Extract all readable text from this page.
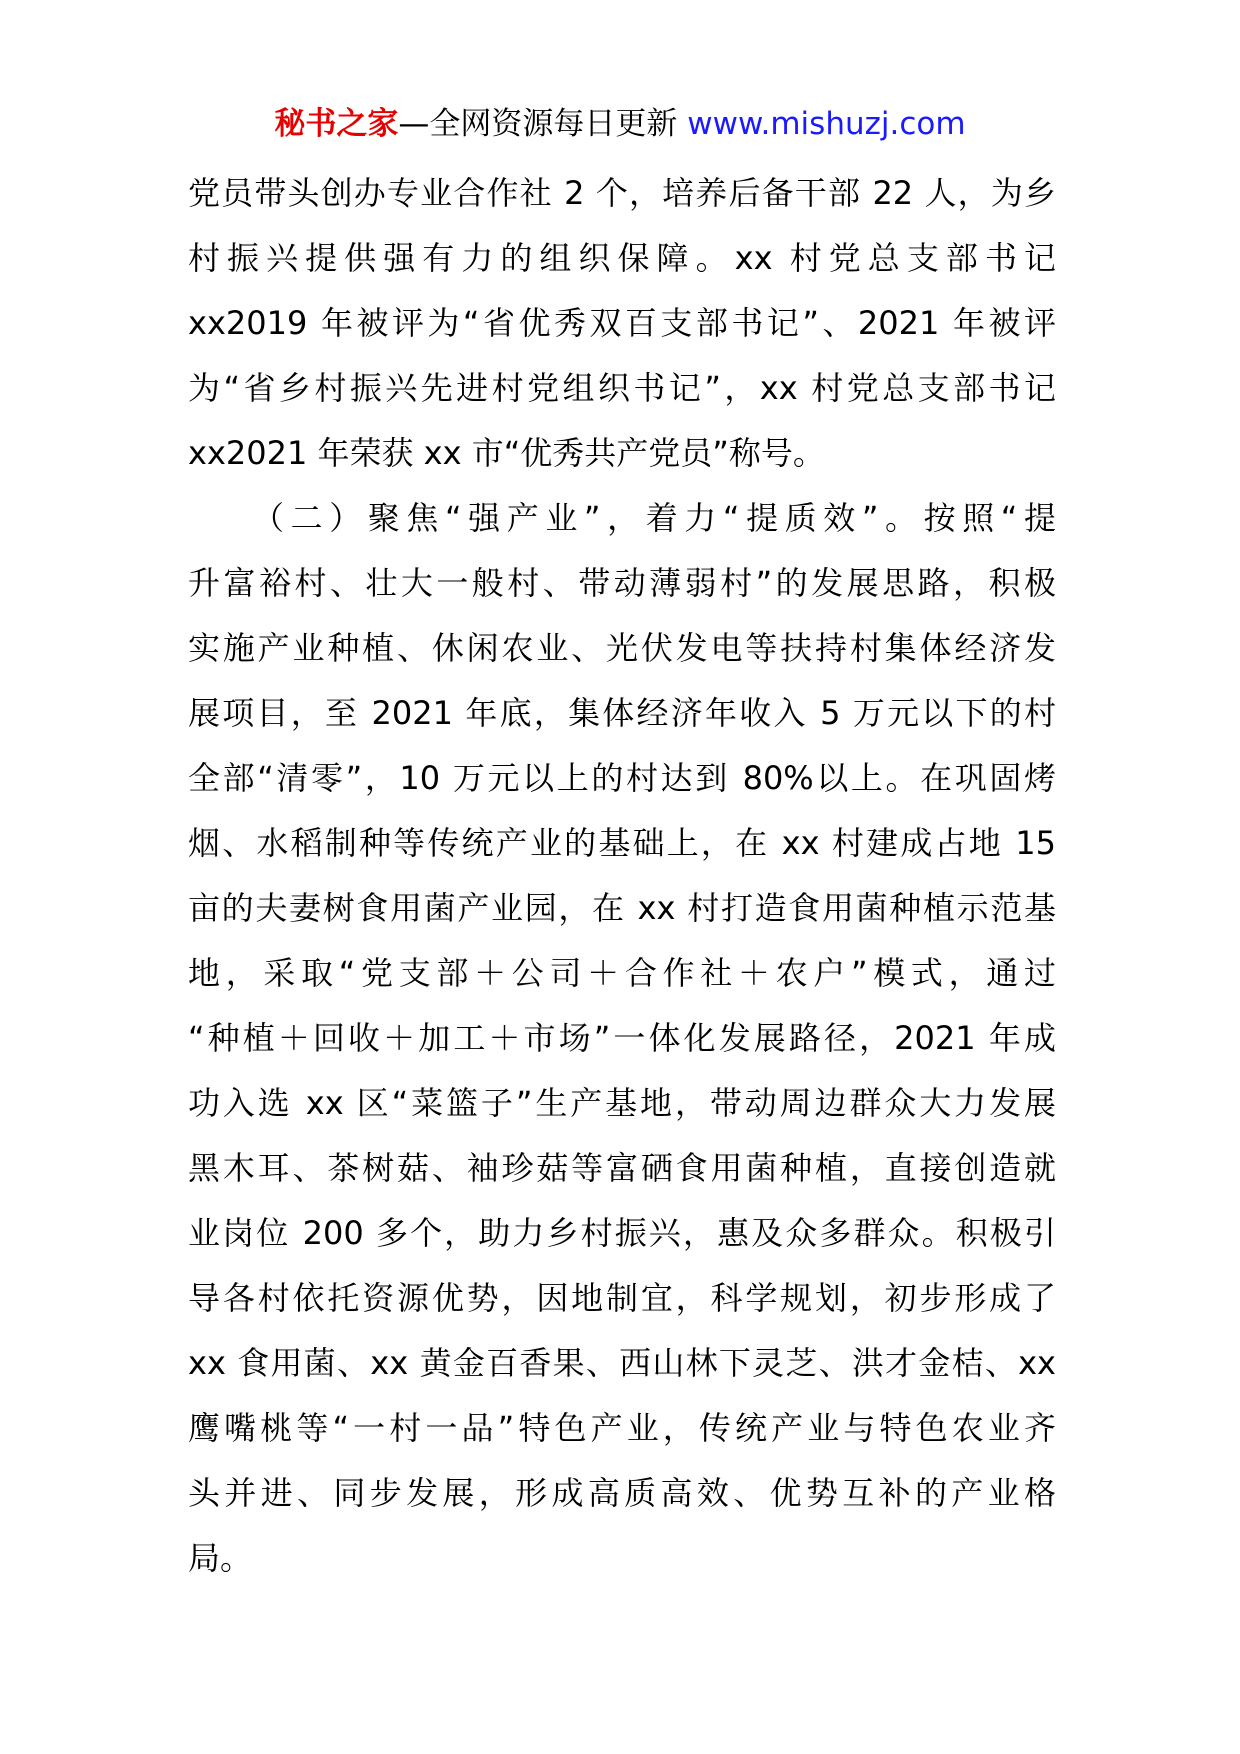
秘书之家—全网资源每日更新 www.mishuzj.com
党员带头创办专业合作社 2 个，培养后备干部 22 人，为乡
村振兴提供强有力的组织保障。xx 村党总支部书记
xx2019 年被评为“省优秀双百支部书记”、2021 年被评
为“省乡村振兴先进村党组织书记”，xx 村党总支部书记
xx2021 年荣获 xx 市“优秀共产党员”称号。
（二）聚焦“强产业”，着力“提质效”。按照“提
升富裕村、壮大一般村、带动薄弱村”的发展思路，积极
实施产业种植、休闲农业、光伏发电等扶持村集体经济发
展项目，至 2021 年底，集体经济年收入 5 万元以下的村
全部“清零”，10 万元以上的村达到 80%以上。在巩固烤
烟、水稻制种等传统产业的基础上，在 xx 村建成占地 15
亩的夫妻树食用菌产业园，在 xx 村打造食用菌种植示范基
地，采取“党支部＋公司＋合作社＋农户”模式，通过
“种植＋回收＋加工＋市场”一体化发展路径，2021 年成
功入选 xx 区“菜篮子”生产基地，带动周边群众大力发展
黑木耳、茶树菇、袖珍菇等富硒食用菌种植，直接创造就
业岗位 200 多个，助力乡村振兴，惠及众多群众。积极引
导各村依托资源优势，因地制宜，科学规划，初步形成了
xx 食用菌、xx 黄金百香果、西山林下灵芝、洪才金桔、xx
鹰嘴桃等“一村一品”特色产业，传统产业与特色农业齐
头并进、同步发展，形成高质高效、优势互补的产业格
局。
